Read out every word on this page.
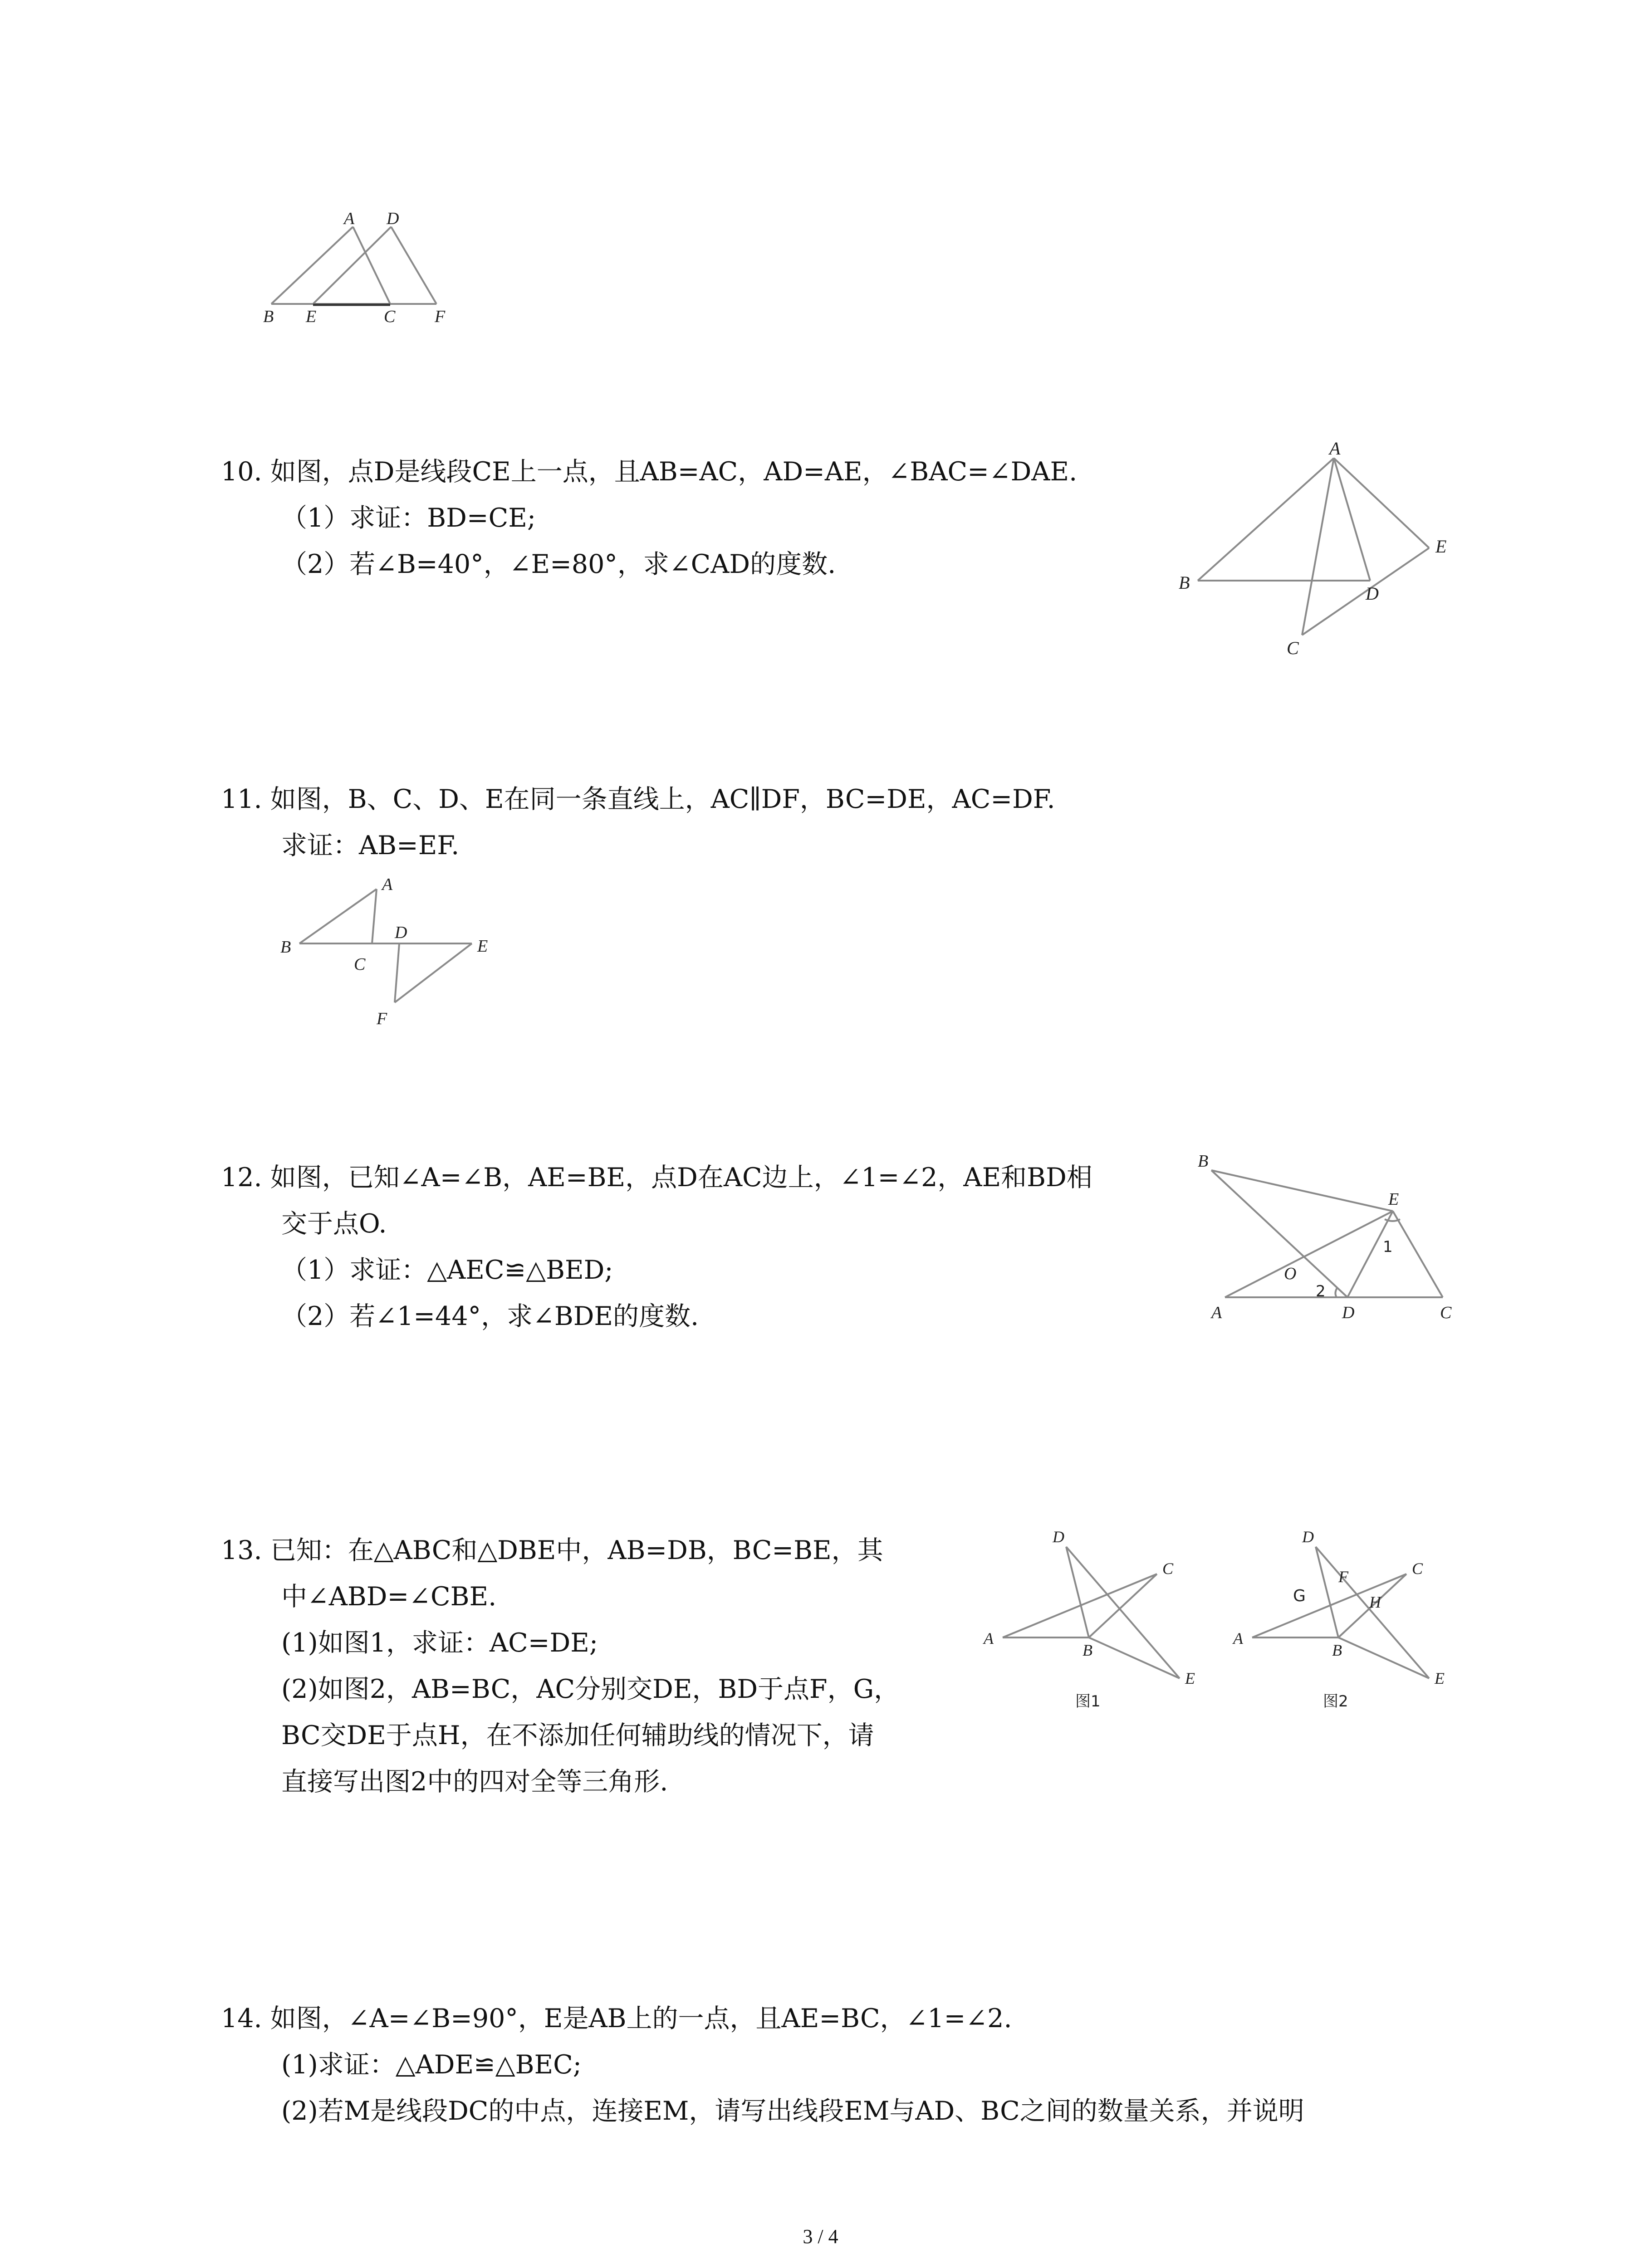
A D
B E	C F
10. 如图，点D是线段CE上一点，且AB=AC，AD=AE，∠BAC=∠DAE.
（1）求证：BD=CE;
（2）若∠B=40°，∠E=80°，求∠CAD的度数.
A
B
C
D
E
11. 如图，B、C、D、E在同一条直线上，AC∥DF，BC=DE，AC=DF.
求证：AB=EF.
A
B
C
D
E
F
12. 如图，已知∠A=∠B，AE=BE，点D在AC边上，∠1=∠2，AE和BD相
交于点O.
（1）求证：△AEC≌△BED;
（2）若∠1=44°，求∠BDE的度数.
B
E
1
O
2
A	D	C
13. 已知：在△ABC和△DBE中，AB=DB，BC=BE，其
中∠ABD=∠CBE.
(1)如图1，求证：AC=DE;
(2)如图2，AB=BC，AC分别交DE，BD于点F，G，
BC交DE于点H，在不添加任何辅助线的情况下，请
直接写出图2中的四对全等三角形.
D
C
A
B
E
图1
D
C
F
G	H
A
B
E
图2
14. 如图，∠A=∠B=90°，E是AB上的一点，且AE=BC，∠1=∠2.
(1)求证：△ADE≌△BEC;
(2)若M是线段DC的中点，连接EM，请写出线段EM与AD、BC之间的数量关系，并说明
3 / 4
